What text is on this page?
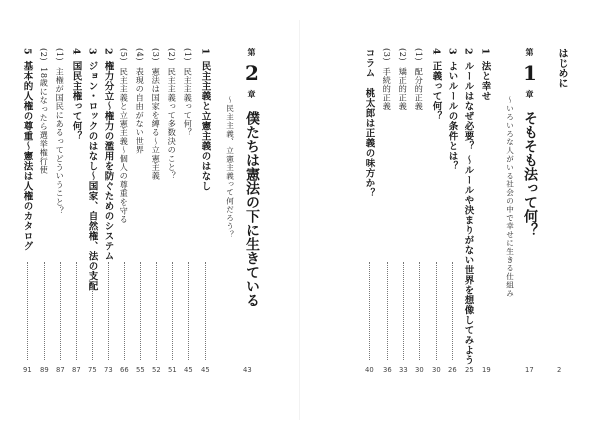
はじめに
2
第 1 章 そもそも法って何？
〜いろいろな人がいる社会の中で幸せに生きる仕組み
17
1法と幸せ
19
2ルールはなぜ必要？ 〜ルールや決まりがない世界を想像してみよう
25
3よいルールの条件とは？
26
4正義って何？
30
(1)配分的正義
30
(2)矯正的正義
33
(3)手続的正義
36
コラム　桃太郎は正義の味方か？
40
第 2 章 僕たちは憲法の下に生きている
〜民主主義、立憲主義って何だろう？
43
1民主主義と立憲主義のはなし
45
(1)民主主義って何？
45
(2)民主主義って多数決のこと？
51
(3)憲法は国家を縛る〜立憲主義
52
(4)表現の自由がない世界
55
(5)民主主義と立憲主義〜個人の尊重を守る
66
2権力分立〜権力の濫用を防ぐためのシステム
73
3ジョン・ロックのはなし〜国家、自然権、法の支配
75
4国民主権って何？
87
(1)主権が国民にあるってどういうこと？
87
(2)18歳になったら選挙権行使
89
5基本的人権の尊重〜憲法は人権のカタログ
91
